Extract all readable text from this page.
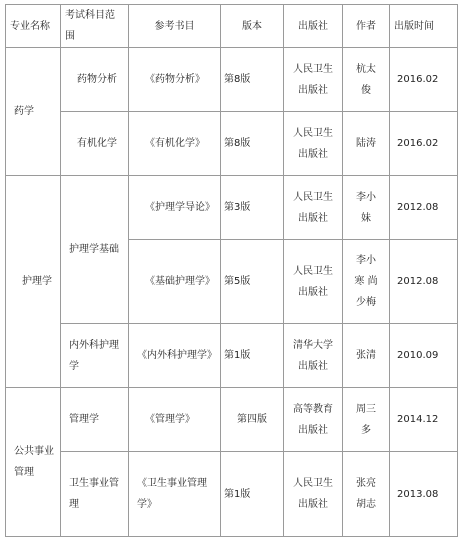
专业名称	考试科目范围	参考书目	版本	出版社	作者	出版时间

药学	药物分析	《药物分析》	第8版	人民卫生出版社	杭太俊	2016.02

	有机化学	《有机化学》	第8版	人民卫生出版社	陆涛	2016.02

护理学	护理学基础	《护理学导论》	第3版	人民卫生出版社	李小妹	2012.08

		《基础护理学》	第5版	人民卫生出版社	李小寒 尚少梅	2012.08

	内外科护理学	《内外科护理学》	第1版	清华大学出版社	张清	2010.09

公共事业管理	管理学	《管理学》	第四版	高等教育出版社	周三多	2014.12

	卫生事业管理	《卫生事业管理学》	第1版	人民卫生出版社	张亮 胡志	2013.08
